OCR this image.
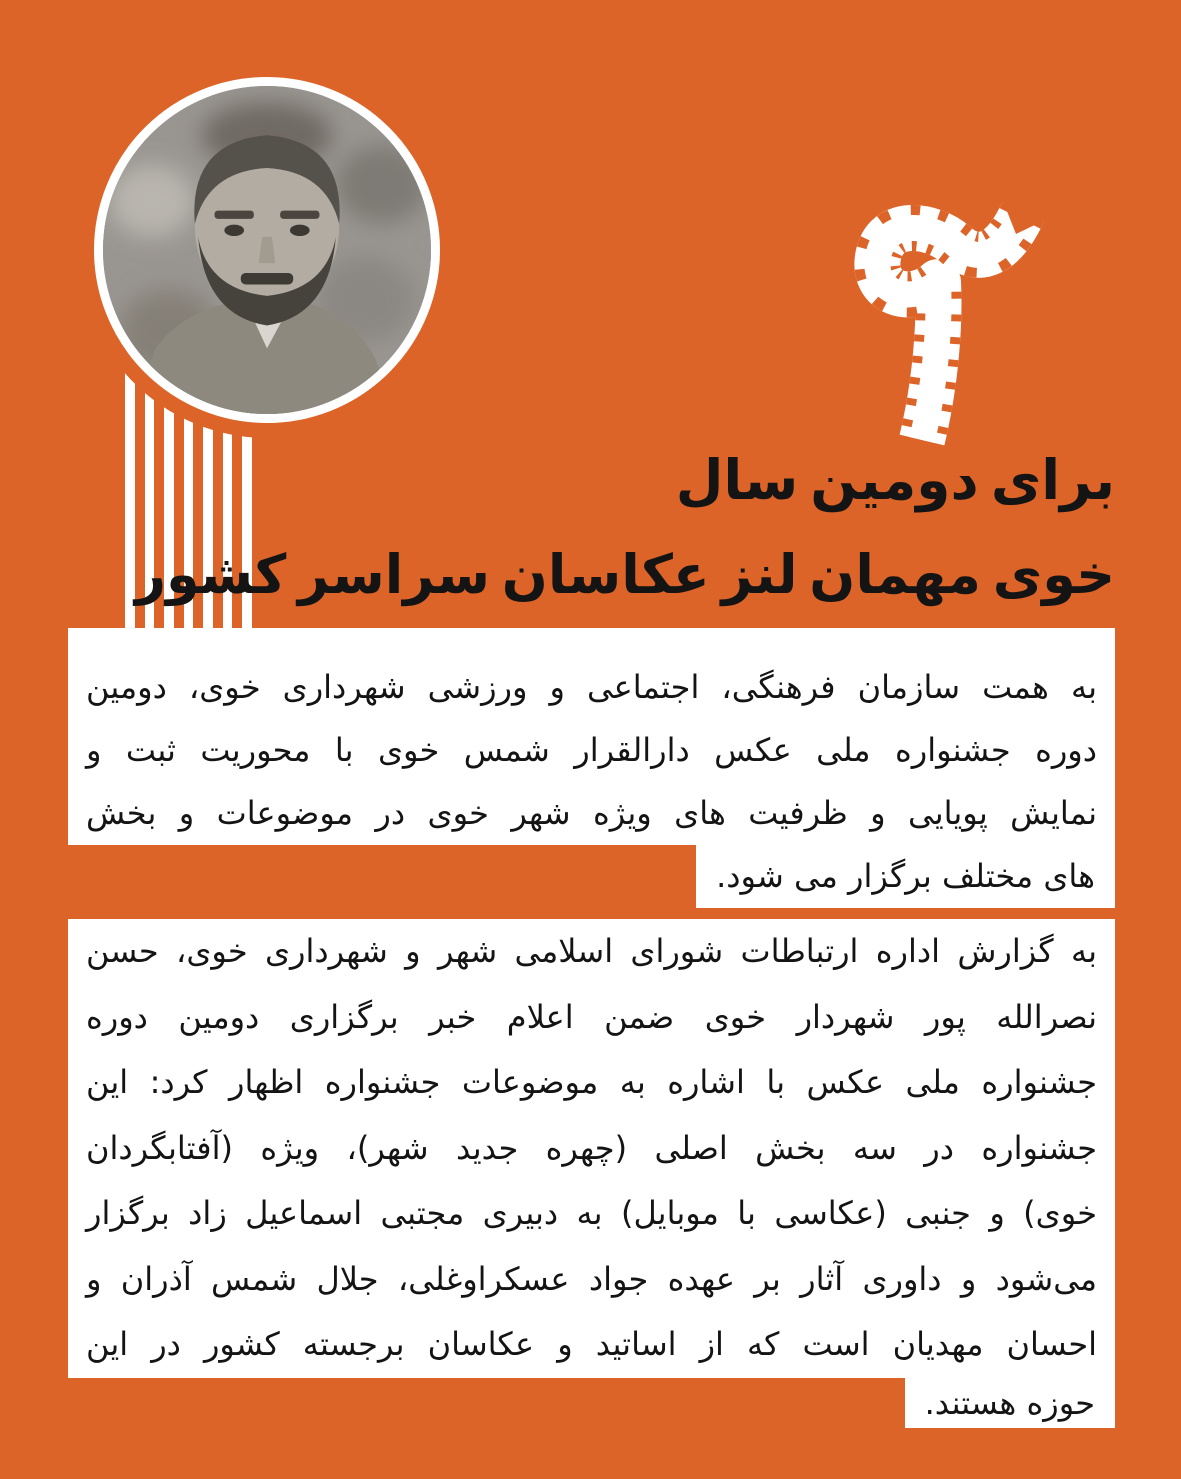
برای دومین سال
خوی مهمان لنز عکاسان سراسر کشور
به همت سازمان فرهنگی، اجتماعی و ورزشی شهرداری خوی، دومین
دوره جشنواره ملی عکس دارالقرار شمس خوی با محوریت ثبت و
نمایش پویایی و ظرفیت های ویژه شهر خوی در موضوعات و بخش
های مختلف برگزار می شود.
به گزارش اداره ارتباطات شورای اسلامی شهر و شهرداری خوی، حسن
نصرالله پور شهردار خوی ضمن اعلام خبر برگزاری دومین دوره
جشنواره ملی عکس با اشاره به موضوعات جشنواره اظهار کرد: این
جشنواره در سه بخش اصلی (چهره جدید شهر)، ویژه (آفتابگردان
خوی) و جنبی (عکاسی با موبایل) به دبیری مجتبی اسماعیل زاد برگزار
می‌شود و داوری آثار بر عهده جواد عسکراوغلی، جلال شمس آذران و
احسان مهدیان است که از اساتید و عکاسان برجسته کشور در این
حوزه هستند.
